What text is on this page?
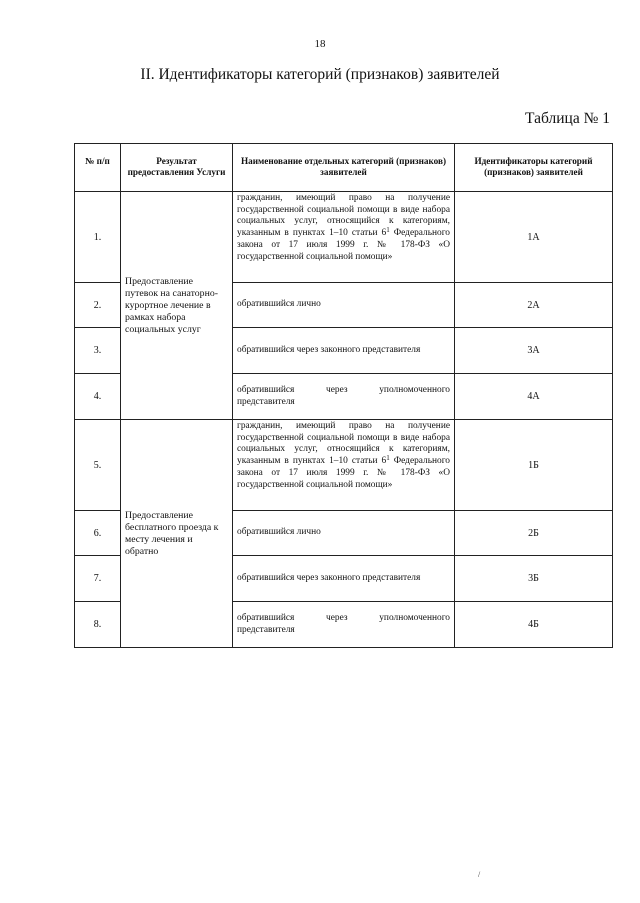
18
II. Идентификаторы категорий (признаков) заявителей
Таблица № 1
№ п/п	Результат предоставления Услуги	Наименование отдельных категорий (признаков) заявителей	Идентификаторы категорий (признаков) заявителей
1.	Предоставление путевок на санаторно-курортное лечение в рамках набора социальных услуг	гражданин, имеющий право на получение государственной социальной помощи в виде набора социальных услуг, относящийся к категориям, указанным в пунктах 1–10 статьи $6^1$ Федерального закона от 17 июля 1999 г. № 178-ФЗ «О государственной социальной помощи»	1А
2.		обратившийся лично	2А
3.		обратившийся через законного представителя	3А
4.		обратившийся через уполномоченного представителя	4А
5.	Предоставление бесплатного проезда к месту лечения и обратно	гражданин, имеющий право на получение государственной социальной помощи в виде набора социальных услуг, относящийся к категориям, указанным в пунктах 1–10 статьи $6^1$ Федерального закона от 17 июля 1999 г. № 178-ФЗ «О государственной социальной помощи»	1Б
6.		обратившийся лично	2Б
7.		обратившийся через законного представителя	3Б
8.		обратившийся через уполномоченного представителя	4Б
/
